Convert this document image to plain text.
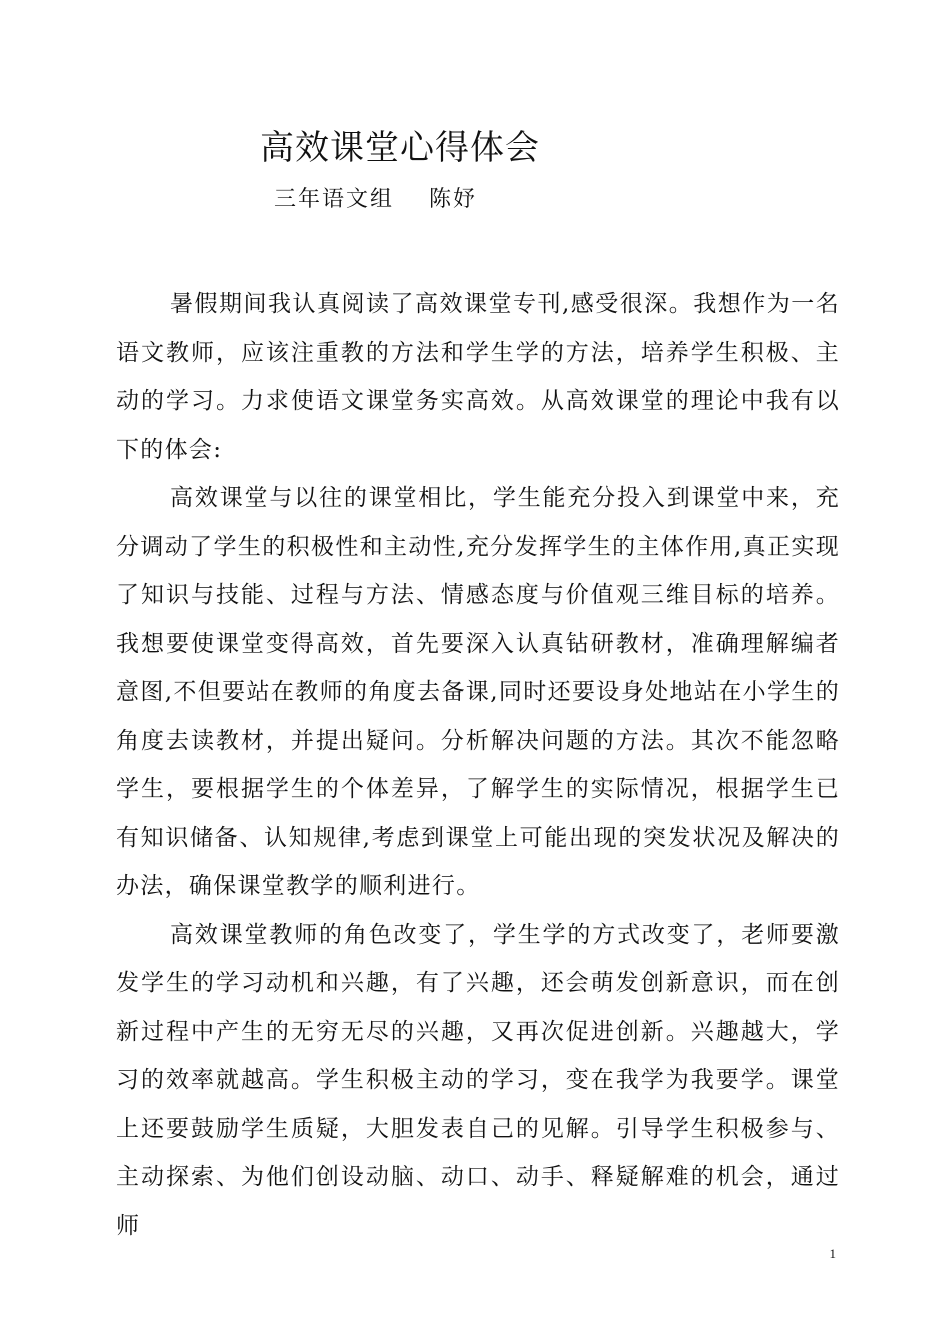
高效课堂心得体会
三年语文组 陈妤

暑假期间我认真阅读了高效课堂专刊,感受很深。我想作为一名语文教师，应该注重教的方法和学生学的方法，培养学生积极、主动的学习。力求使语文课堂务实高效。从高效课堂的理论中我有以下的体会:

高效课堂与以往的课堂相比，学生能充分投入到课堂中来，充分调动了学生的积极性和主动性,充分发挥学生的主体作用,真正实现了知识与技能、过程与方法、情感态度与价值观三维目标的培养。我想要使课堂变得高效，首先要深入认真钻研教材，准确理解编者意图,不但要站在教师的角度去备课,同时还要设身处地站在小学生的角度去读教材，并提出疑问。分析解决问题的方法。其次不能忽略学生，要根据学生的个体差异，了解学生的实际情况，根据学生已有知识储备、认知规律,考虑到课堂上可能出现的突发状况及解决的办法，确保课堂教学的顺利进行。

高效课堂教师的角色改变了，学生学的方式改变了，老师要激发学生的学习动机和兴趣，有了兴趣，还会萌发创新意识，而在创新过程中产生的无穷无尽的兴趣，又再次促进创新。兴趣越大，学习的效率就越高。学生积极主动的学习，变在我学为我要学。课堂上还要鼓励学生质疑，大胆发表自己的见解。引导学生积极参与、主动探索、为他们创设动脑、动口、动手、释疑解难的机会，通过师

1
